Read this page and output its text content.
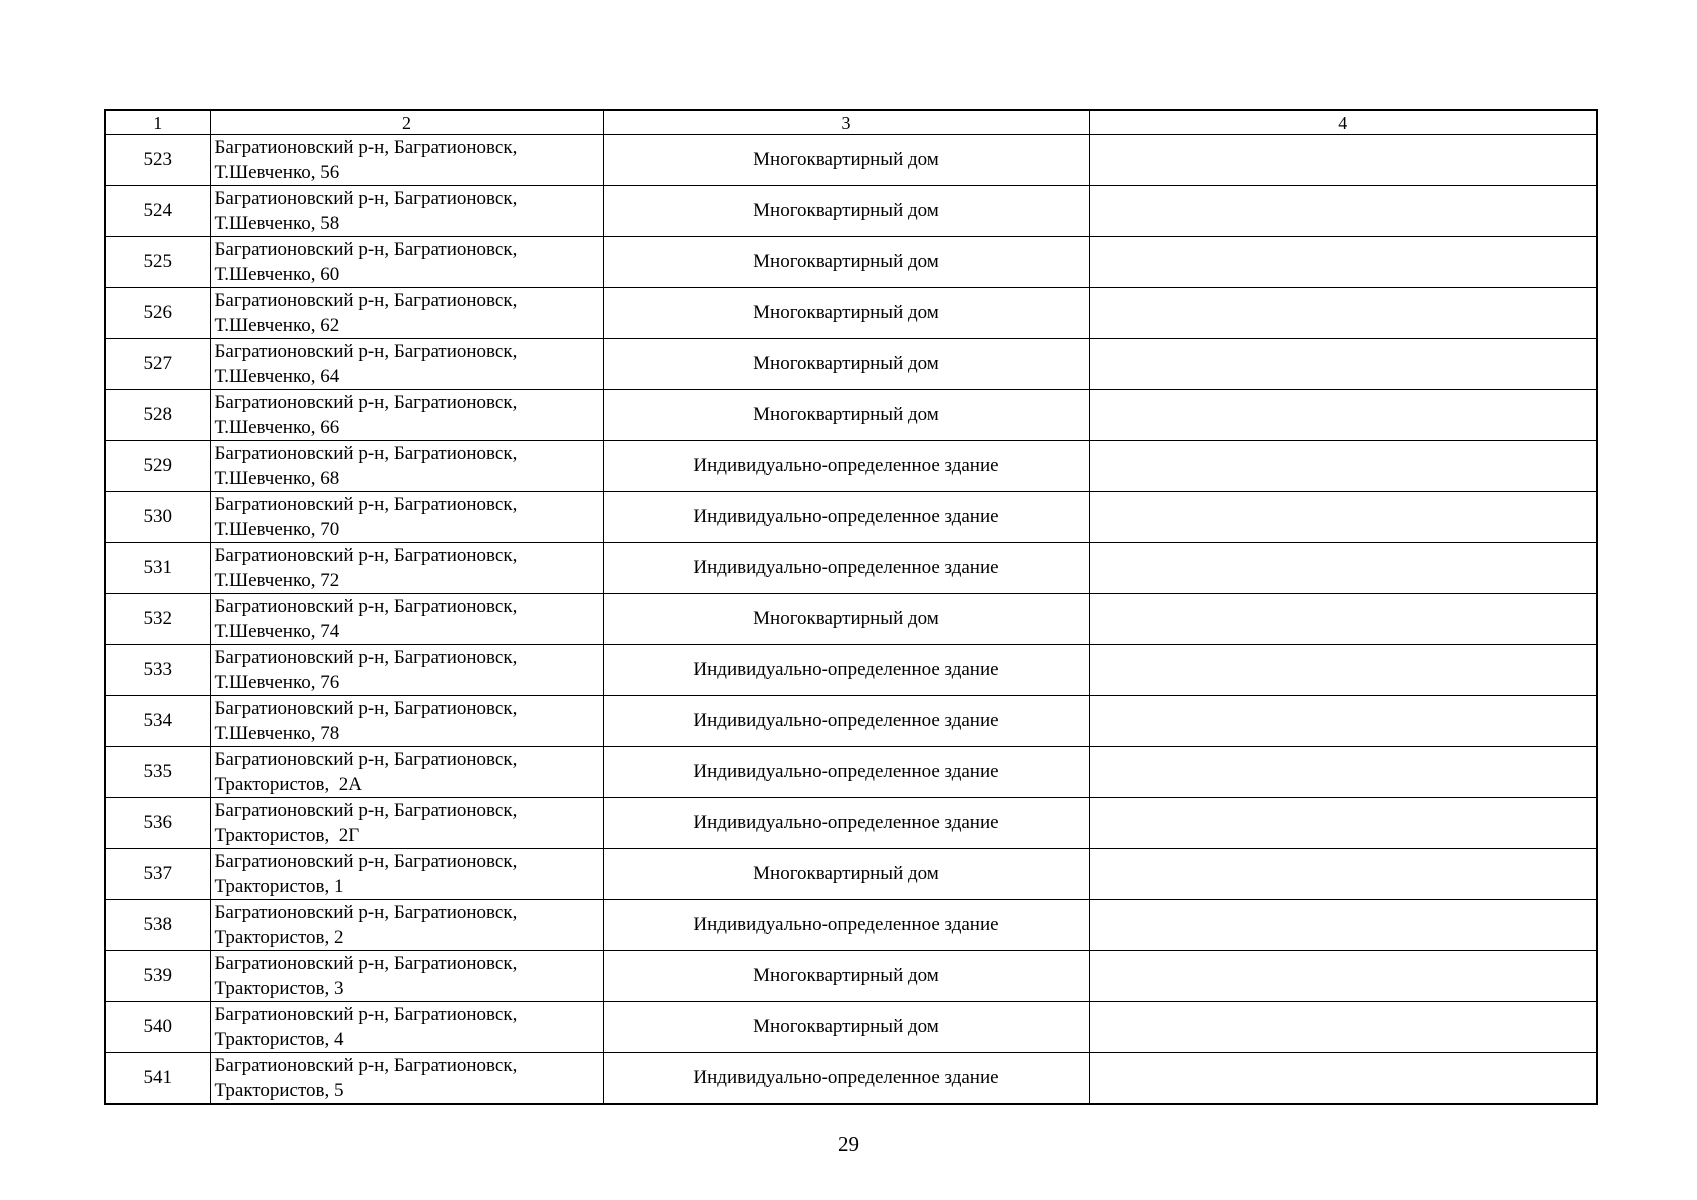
1	2	3	4
523	Багратионовский р-н, Багратионовск,
Т.Шевченко, 56	Многоквартирный дом	
524	Багратионовский р-н, Багратионовск,
Т.Шевченко, 58	Многоквартирный дом	
525	Багратионовский р-н, Багратионовск,
Т.Шевченко, 60	Многоквартирный дом	
526	Багратионовский р-н, Багратионовск,
Т.Шевченко, 62	Многоквартирный дом	
527	Багратионовский р-н, Багратионовск,
Т.Шевченко, 64	Многоквартирный дом	
528	Багратионовский р-н, Багратионовск,
Т.Шевченко, 66	Многоквартирный дом	
529	Багратионовский р-н, Багратионовск,
Т.Шевченко, 68	Индивидуально-определенное здание	
530	Багратионовский р-н, Багратионовск,
Т.Шевченко, 70	Индивидуально-определенное здание	
531	Багратионовский р-н, Багратионовск,
Т.Шевченко, 72	Индивидуально-определенное здание	
532	Багратионовский р-н, Багратионовск,
Т.Шевченко, 74	Многоквартирный дом	
533	Багратионовский р-н, Багратионовск,
Т.Шевченко, 76	Индивидуально-определенное здание	
534	Багратионовский р-н, Багратионовск,
Т.Шевченко, 78	Индивидуально-определенное здание	
535	Багратионовский р-н, Багратионовск,
Трактористов,  2А	Индивидуально-определенное здание	
536	Багратионовский р-н, Багратионовск,
Трактористов,  2Г	Индивидуально-определенное здание	
537	Багратионовский р-н, Багратионовск,
Трактористов, 1	Многоквартирный дом	
538	Багратионовский р-н, Багратионовск,
Трактористов, 2	Индивидуально-определенное здание	
539	Багратионовский р-н, Багратионовск,
Трактористов, 3	Многоквартирный дом	
540	Багратионовский р-н, Багратионовск,
Трактористов, 4	Многоквартирный дом	
541	Багратионовский р-н, Багратионовск,
Трактористов, 5	Индивидуально-определенное здание	
29
